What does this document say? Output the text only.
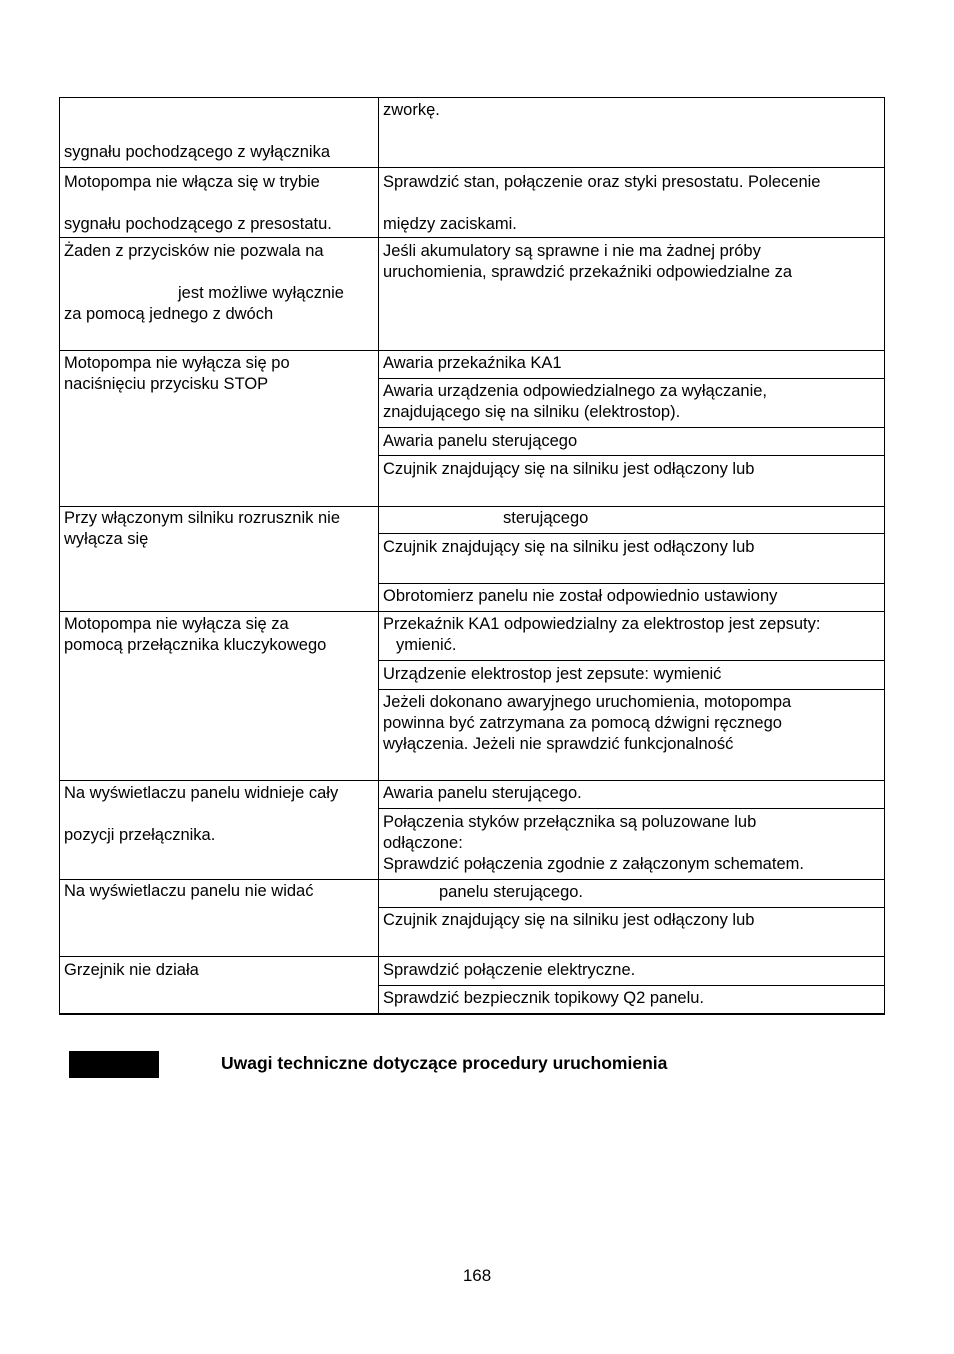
sygnału pochodzącego z wyłącznika
zworkę.
Motopompa nie włącza się w trybie
sygnału pochodzącego z presostatu.
Sprawdzić stan, połączenie oraz styki presostatu. Polecenie
między zaciskami.
Żaden z przycisków nie pozwala na
jest możliwe wyłącznie
za pomocą jednego z dwóch
Jeśli akumulatory są sprawne i nie ma żadnej próby
uruchomienia, sprawdzić przekaźniki odpowiedzialne za
Motopompa nie wyłącza się po
naciśnięciu przycisku STOP
Awaria przekaźnika KA1
Awaria urządzenia odpowiedzialnego za wyłączanie,
znajdującego się na silniku (elektrostop).
Awaria panelu sterującego
Czujnik znajdujący się na silniku jest odłączony lub
Przy włączonym silniku rozrusznik nie
wyłącza się
sterującego
Czujnik znajdujący się na silniku jest odłączony lub
Obrotomierz panelu nie został odpowiednio ustawiony
Motopompa nie wyłącza się za
pomocą przełącznika kluczykowego
Przekaźnik KA1 odpowiedzialny za elektrostop jest zepsuty:
ymienić.
Urządzenie elektrostop jest zepsute: wymienić
Jeżeli dokonano awaryjnego uruchomienia, motopompa
powinna być zatrzymana za pomocą dźwigni ręcznego
wyłączenia. Jeżeli nie sprawdzić funkcjonalność
Na wyświetlaczu panelu widnieje cały
pozycji przełącznika.
Awaria panelu sterującego.
Połączenia styków przełącznika są poluzowane lub
odłączone:
Sprawdzić połączenia zgodnie z załączonym schematem.
Na wyświetlaczu panelu nie widać	panelu sterującego.
Czujnik znajdujący się na silniku jest odłączony lub
Grzejnik nie działa	Sprawdzić połączenie elektryczne.
Sprawdzić bezpiecznik topikowy Q2 panelu.
Uwagi techniczne dotyczące procedury uruchomienia
168
